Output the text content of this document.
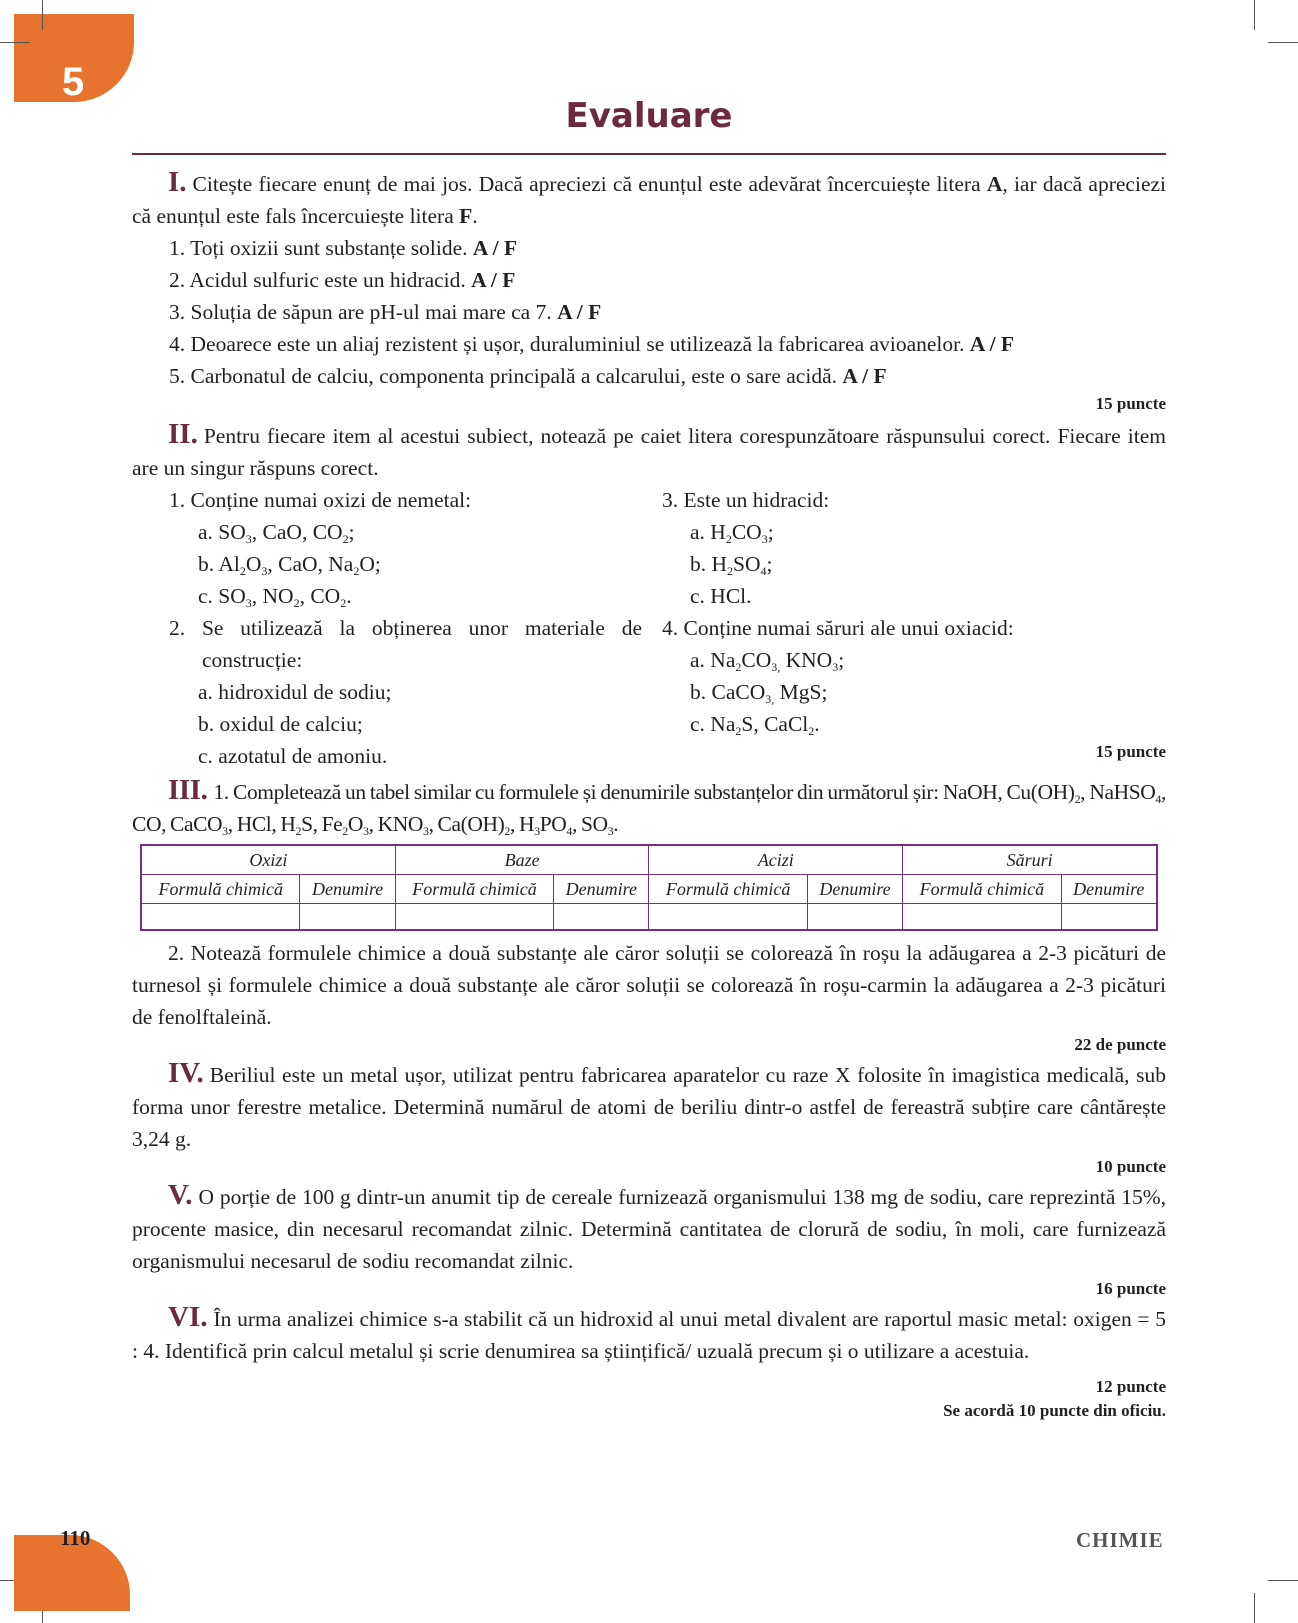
5
Evaluare

I. Citește fiecare enunț de mai jos. Dacă apreciezi că enunțul este adevărat încercuiește litera A, iar dacă apreciezi că enunțul este fals încercuiește litera F.

1. Toți oxizii sunt substanțe solide. A / F

2. Acidul sulfuric este un hidracid. A / F

3. Soluția de săpun are pH-ul mai mare ca 7. A / F

4. Deoarece este un aliaj rezistent și ușor, duraluminiul se utilizează la fabricarea avioanelor. A / F

5. Carbonatul de calciu, componenta principală a calcarului, este o sare acidă. A / F

15 puncte

II. Pentru fiecare item al acestui subiect, notează pe caiet litera corespunzătoare răspunsului corect. Fiecare item are un singur răspuns corect.

1. Conține numai oxizi de nemetal:

a. $SO_3$, CaO, $CO_2$;

b. $Al_2O_3$, CaO, $Na_2O$;

c. $SO_3$, $NO_2$, $CO_2$.

2. Se utilizează la obținerea unor materiale de

construcție:

a. hidroxidul de sodiu;

b. oxidul de calciu;

c. azotatul de amoniu.

3. Este un hidracid:

a. $H_2CO_3$;

b. $H_2SO_4$;

c. HCl.

4. Conține numai săruri ale unui oxiacid:

a. $Na_2CO_{3,}$ $KNO_3$;

b. CaCO$_{3,}$ MgS;

c. $Na_2S$, CaCl$_2$.

15 puncte

III. 1. Completează un tabel similar cu formulele și denumirile substanțelor din următorul șir: NaOH, $Cu(OH)_2$, NaHSO$_4$, CO, CaCO$_3$, HCl, $H_2S$, $Fe_2O_3$, $KNO_3$, $Ca(OH)_2$, $H_3PO_4$, $SO_3$.

Oxizi		Baze		Acizi		Săruri	
Formulă chimică	Denumire	Formulă chimică	Denumire	Formulă chimică	Denumire	Formulă chimică	Denumire

2. Notează formulele chimice a două substanțe ale căror soluții se colorează în roșu la adăugarea a 2-3 picături de turnesol și formulele chimice a două substanțe ale căror soluții se colorează în roșu-carmin la adăugarea a 2-3 picături de fenolftaleină.

22 de puncte

IV. Beriliul este un metal ușor, utilizat pentru fabricarea aparatelor cu raze X folosite în imagistica medicală, sub forma unor ferestre metalice. Determină numărul de atomi de beriliu dintr-o astfel de fereastră subțire care cântărește 3,24 g.

10 puncte

V. O porție de 100 g dintr-un anumit tip de cereale furnizează organismului 138 mg de sodiu, care reprezintă 15%, procente masice, din necesarul recomandat zilnic. Determină cantitatea de clorură de sodiu, în moli, care furnizează organismului necesarul de sodiu recomandat zilnic.

16 puncte

VI. În urma analizei chimice s-a stabilit că un hidroxid al unui metal divalent are raportul masic metal: oxigen = 5 : 4. Identifică prin calcul metalul și scrie denumirea sa științifică/ uzuală precum și o utilizare a acestuia.

12 puncte

Se acordă 10 puncte din oficiu.

110	CHIMIE
